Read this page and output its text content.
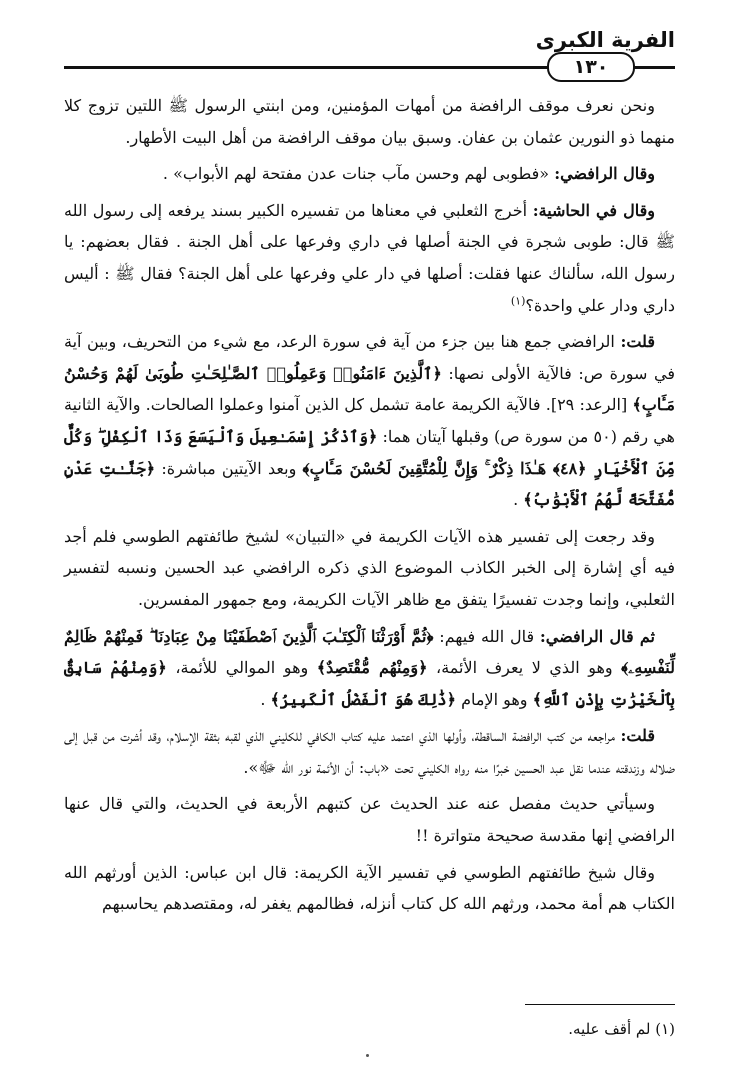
الفرية الكبرى
١٣٠

ونحن نعرف موقف الرافضة من أمهات المؤمنين، ومن ابنتي الرسول ﷺ اللتين تزوج كلا منهما ذو النورين عثمان بن عفان. وسبق بيان موقف الرافضة من أهل البيت الأطهار.

وقال الرافضي: «فطوبى لهم وحسن مآب جنات عدن مفتحة لهم الأبواب» .

وقال في الحاشية: أخرج الثعلبي في معناها من تفسيره الكبير بسند يرفعه إلى رسول الله ﷺ قال: طوبى شجرة في الجنة أصلها في داري وفرعها على أهل الجنة . فقال بعضهم: يا رسول الله، سألناك عنها فقلت: أصلها في دار علي وفرعها على أهل الجنة؟ فقال ﷺ : أليس داري ودار علي واحدة؟$^{(١)}$

قلت: الرافضي جمع هنا بين جزء من آية في سورة الرعد، مع شيء من التحريف، وبين آية في سورة ص: فالآية الأولى نصها: ﴿ٱلَّذِينَ ءَامَنُوا۟ وَعَمِلُوا۟ ٱلصَّـٰلِحَـٰتِ طُوبَىٰ لَهُمْ وَحُسْنُ مَـَٔابٍ﴾ [الرعد: ٢٩]. فالآية الكريمة عامة تشمل كل الذين آمنوا وعملوا الصالحات. والآية الثانية هي رقم (٥٠ من سورة ص) وقبلها آيتان هما: ﴿وَٱذْكُرْ إِسْمَـٰعِيلَ وَٱلْيَسَعَ وَذَا ٱلْكِفْلِ ۖ وَكُلٌّ مِّنَ ٱلْأَخْيَارِ ﴿٤٨﴾ هَـٰذَا ذِكْرٌ ۚ وَإِنَّ لِلْمُتَّقِينَ لَحُسْنَ مَـَٔابٍ﴾ وبعد الآيتين مباشرة: ﴿جَنَّـٰتِ عَدْنٍ مُّفَتَّحَةً لَّهُمُ ٱلْأَبْوَٰبُ﴾ .

وقد رجعت إلى تفسير هذه الآيات الكريمة في «التبيان» لشيخ طائفتهم الطوسي فلم أجد فيه أي إشارة إلى الخبر الكاذب الموضوع الذي ذكره الرافضي عبد الحسين ونسبه لتفسير الثعلبي، وإنما وجدت تفسيرًا يتفق مع ظاهر الآيات الكريمة، ومع جمهور المفسرين.

ثم قال الرافضي: قال الله فيهم: ﴿ثُمَّ أَوْرَثْنَا ٱلْكِتَـٰبَ ٱلَّذِينَ ٱصْطَفَيْنَا مِنْ عِبَادِنَا ۖ فَمِنْهُمْ ظَالِمٌ لِّنَفْسِهِۦ﴾ وهو الذي لا يعرف الأئمة، ﴿وَمِنْهُم مُّقْتَصِدٌ﴾ وهو الموالي للأئمة، ﴿وَمِنْهُمْ سَابِقٌۢ بِٱلْخَيْرَٰتِ بِإِذْنِ ٱللَّهِ﴾ وهو الإمام ﴿ذَٰلِكَ هُوَ ٱلْفَضْلُ ٱلْكَبِيرُ﴾ .

قلت: مراجعه من كتب الرافضة الساقطة، وأولها الذي اعتمد عليه كتاب الكافي للكليني الذي لقبه بثقة الإسلام، وقد أشرت من قبل إلى ضلاله وزندقته عندما نقل عبد الحسين خبرًا منه رواه الكليني تحت «باب: أن الأئمة نور الله ﷻ».

وسيأتي حديث مفصل عنه عند الحديث عن كتبهم الأربعة في الحديث، والتي قال عنها الرافضي إنها مقدسة صحيحة متواترة !!

وقال شيخ طائفتهم الطوسي في تفسير الآية الكريمة: قال ابن عباس: الذين أورثهم الله الكتاب هم أمة محمد، ورثهم الله كل كتاب أنزله، فظالمهم يغفر له، ومقتصدهم يحاسبهم

(١) لم أقف عليه.
